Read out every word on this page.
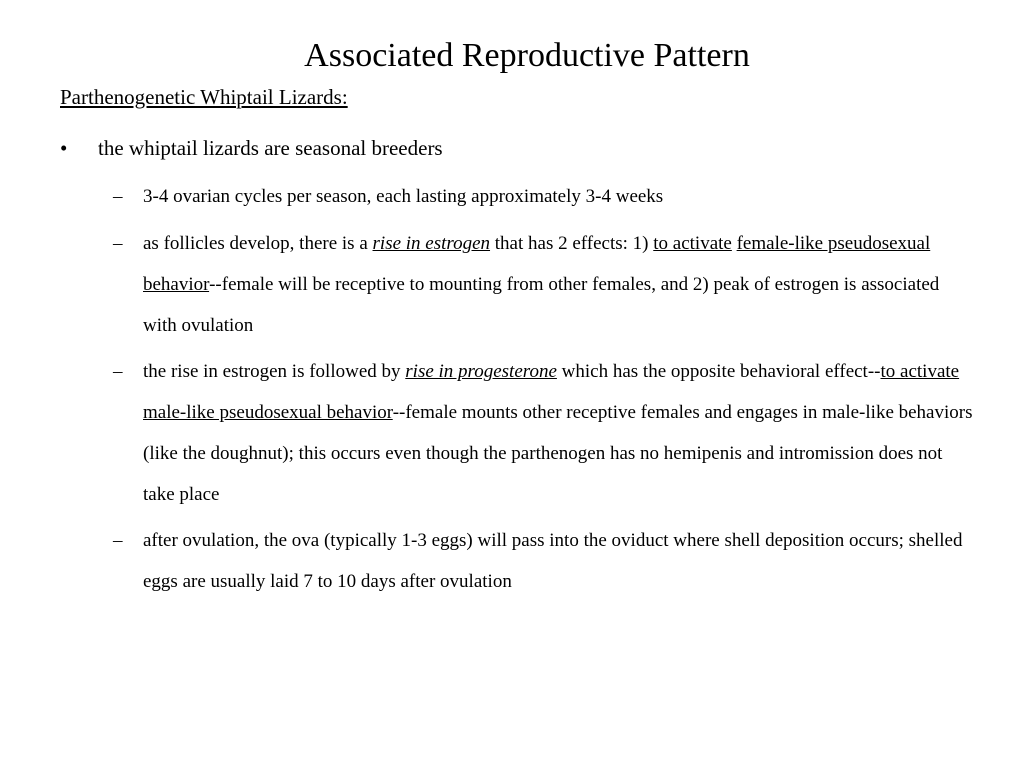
Associated Reproductive Pattern
Parthenogenetic Whiptail Lizards:
• the whiptail lizards are seasonal breeders
– 3-4 ovarian cycles per season, each lasting approximately 3-4 weeks
– as follicles develop, there is a rise in estrogen that has 2 effects: 1) to activate female-like pseudosexual behavior--female will be receptive to mounting from other females, and 2) peak of estrogen is associated with ovulation
– the rise in estrogen is followed by rise in progesterone which has the opposite behavioral effect--to activate male-like pseudosexual behavior--female mounts other receptive females and engages in male-like behaviors (like the doughnut); this occurs even though the parthenogen has no hemipenis and intromission does not take place
– after ovulation, the ova (typically 1-3 eggs) will pass into the oviduct where shell deposition occurs; shelled eggs are usually laid 7 to 10 days after ovulation
